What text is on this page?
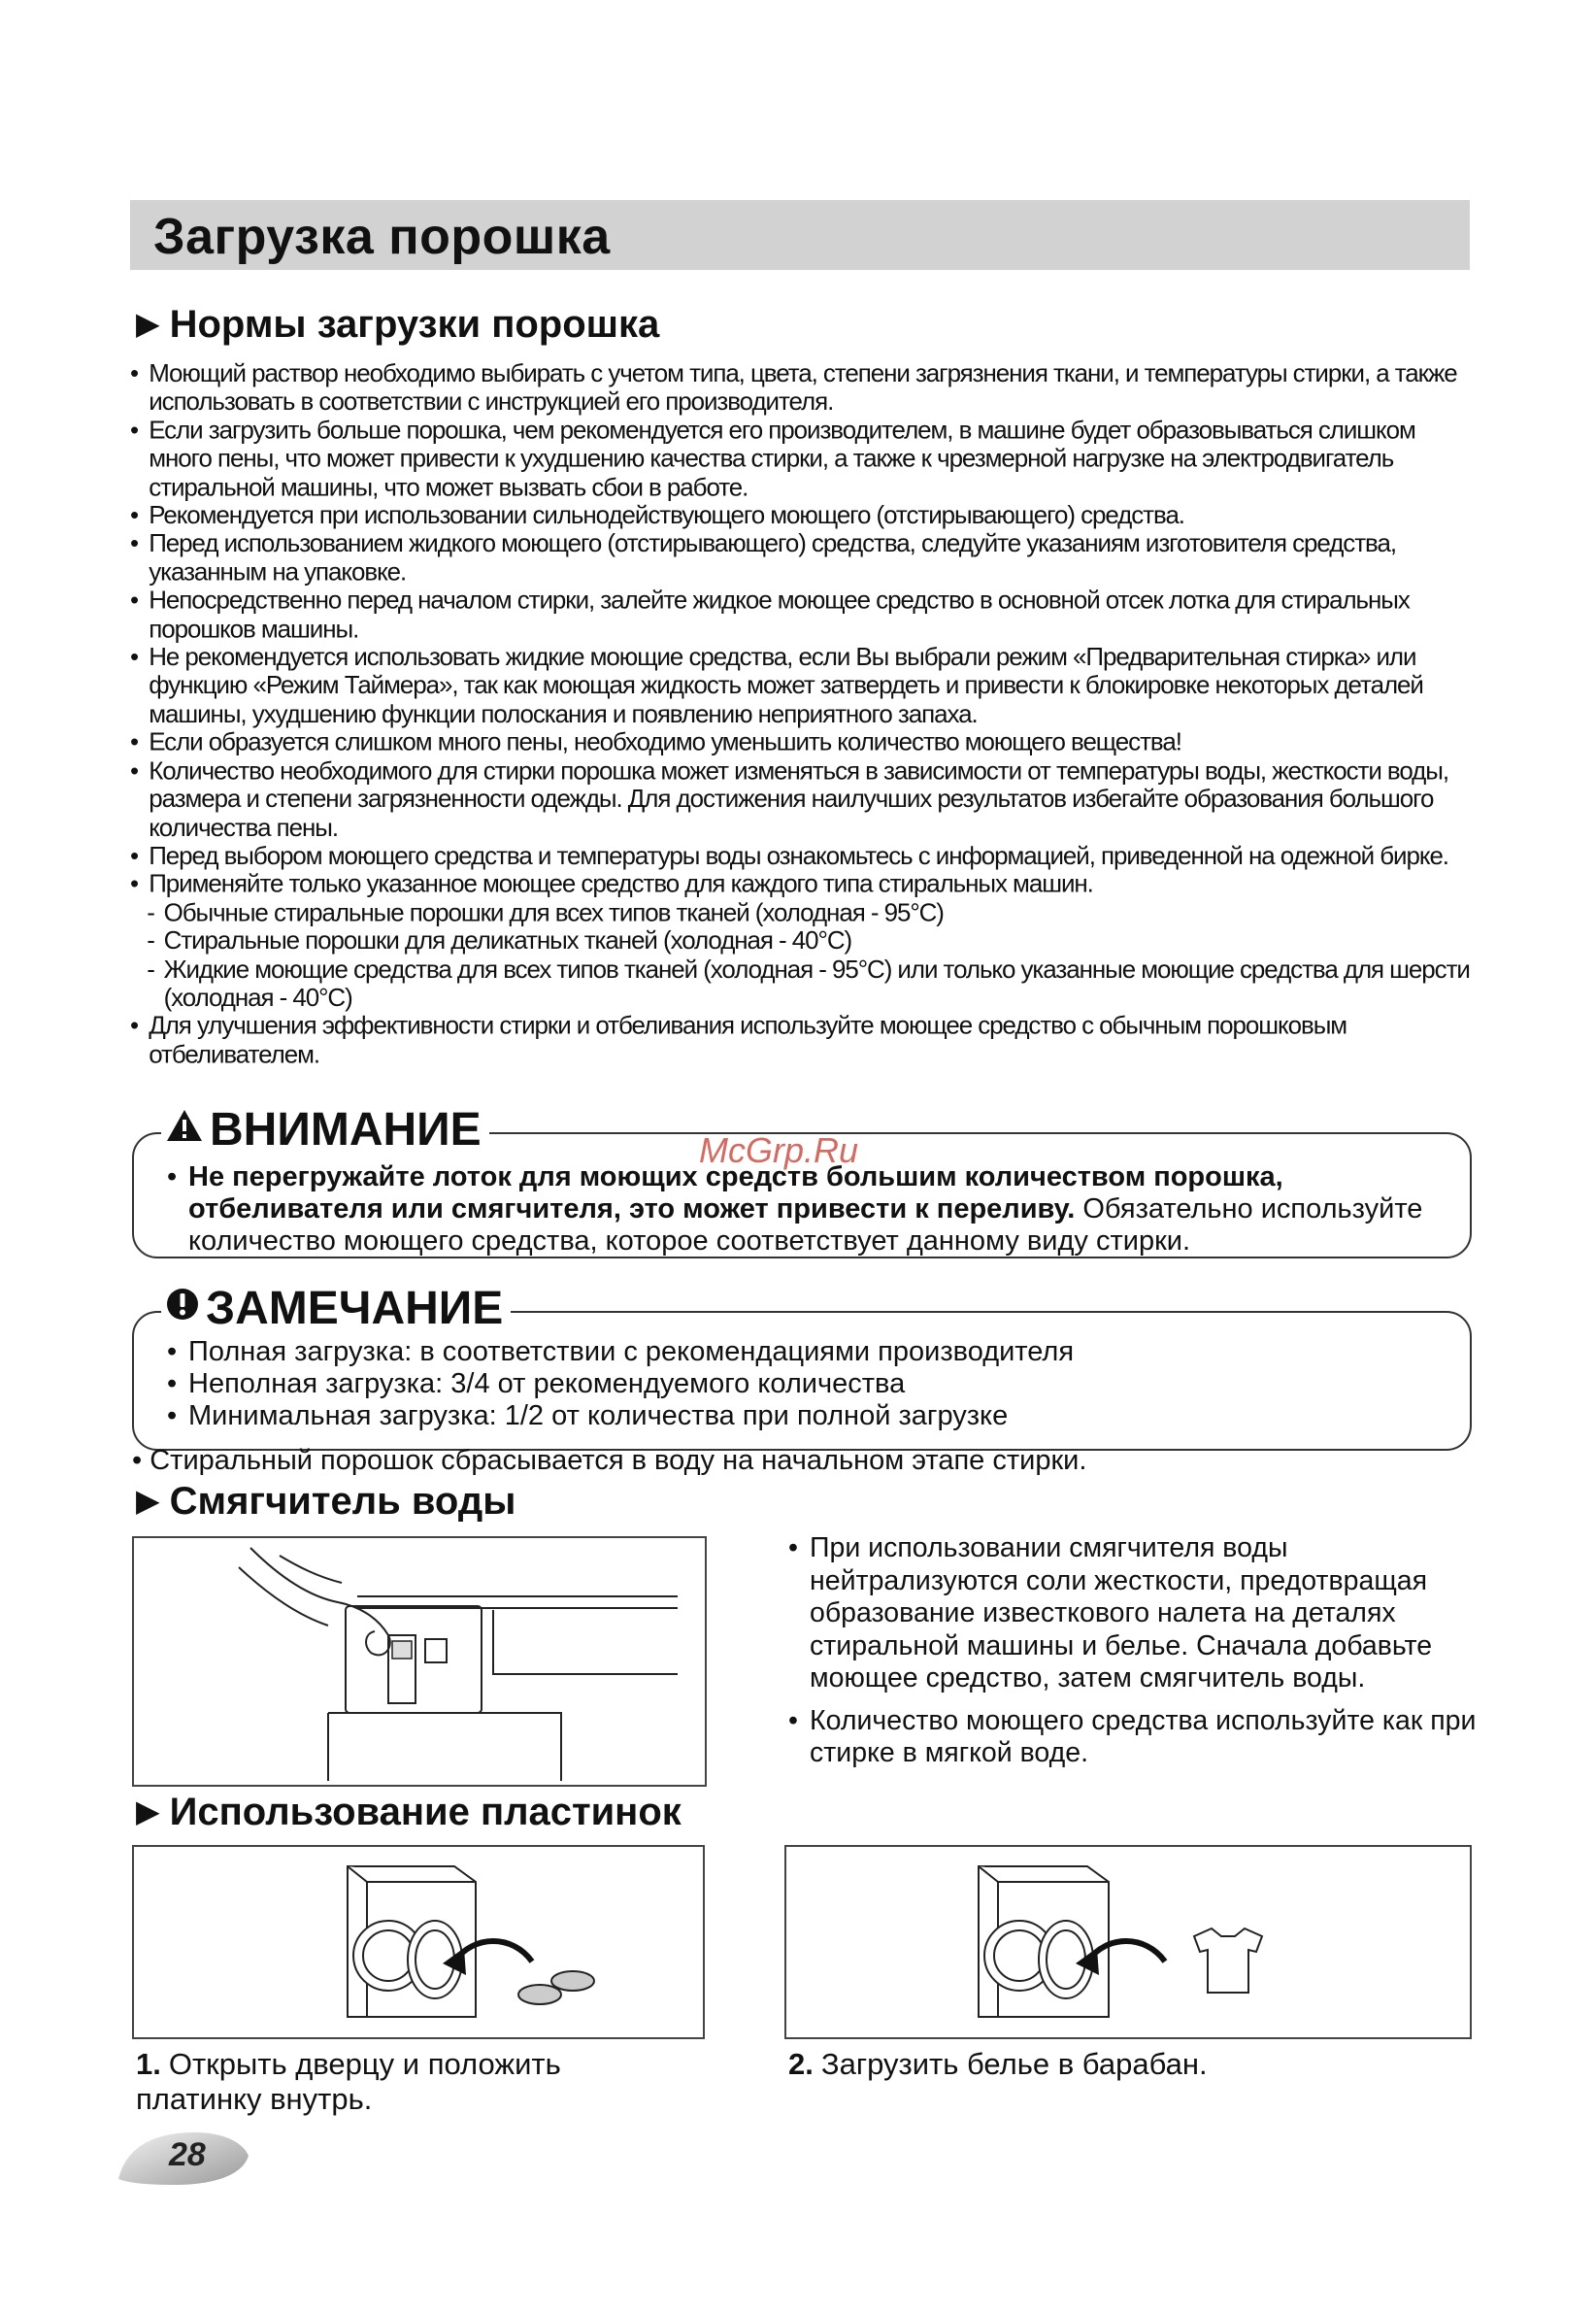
Загрузка порошка
▶ Нормы загрузки порошка
• Моющий раствор необходимо выбирать с учетом типа, цвета, степени загрязнения ткани, и температуры стирки, а также использовать в соответствии с инструкцией его производителя.
• Если загрузить больше порошка, чем рекомендуется его производителем, в машине будет образовываться слишком много пены, что может привести к ухудшению качества стирки, а также к чрезмерной нагрузке на электродвигатель стиральной машины, что может вызвать сбои в работе.
• Рекомендуется при использовании сильнодействующего моющего (отстирывающего) средства.
• Перед использованием жидкого моющего (отстирывающего) средства, следуйте указаниям изготовителя средства, указанным на упаковке.
• Непосредственно перед началом стирки, залейте жидкое моющее средство в основной отсек лотка для стиральных порошков машины.
• Не рекомендуется использовать жидкие моющие средства, если Вы выбрали режим «Предварительная стирка» или функцию «Режим Таймера», так как моющая жидкость может затвердеть и привести к блокировке некоторых деталей машины, ухудшению функции полоскания и появлению неприятного запаха.
• Если образуется слишком много пены, необходимо уменьшить количество моющего вещества!
• Количество необходимого для стирки порошка может изменяться в зависимости от температуры воды, жесткости воды, размера и степени загрязненности одежды. Для достижения наилучших результатов избегайте образования большого количества пены.
• Перед выбором моющего средства и температуры воды ознакомьтесь с информацией, приведенной на одежной бирке.
• Применяйте только указанное моющее средство для каждого типа стиральных машин.
- Обычные стиральные порошки для всех типов тканей (холодная - 95°C)
- Стиральные порошки для деликатных тканей (холодная - 40°C)
- Жидкие моющие средства для всех типов тканей (холодная - 95°C) или только указанные моющие средства для шерсти (холодная - 40°C)
• Для улучшения эффективности стирки и отбеливания используйте моющее средство с обычным порошковым отбеливателем.
ВНИМАНИЕ
• Не перегружайте лоток для моющих средств большим количеством порошка, отбеливателя или смягчителя, это может привести к переливу. Обязательно используйте количество моющего средства, которое соответствует данному виду стирки.
McGrp.Ru
ЗАМЕЧАНИЕ
• Полная загрузка: в соответствии с рекомендациями производителя
• Неполная загрузка: 3/4 от рекомендуемого количества
• Минимальная загрузка: 1/2 от количества при полной загрузке
• Стиральный порошок сбрасывается в воду на начальном этапе стирки.
▶ Смягчитель воды
• При использовании смягчителя воды нейтрализуются соли жесткости, предотвращая образование известкового налета на деталях стиральной машины и белье. Сначала добавьте моющее средство, затем смягчитель воды.
• Количество моющего средства используйте как при стирке в мягкой воде.
▶ Использование пластинок
1. Открыть дверцу и положить платинку внутрь.
2. Загрузить белье в барабан.
28
